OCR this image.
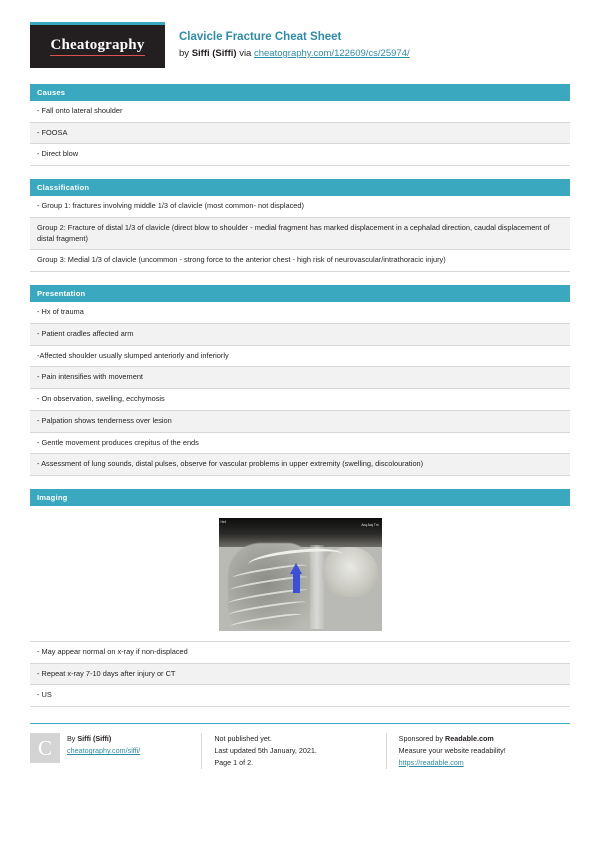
Cheatography	Clavicle Fracture Cheat Sheet
by Siffi (Siffi) via cheatography.com/122609/cs/25974/
Causes
- Fall onto lateral shoulder
- FOOSA
- Direct blow
Classification
- Group 1: fractures involving middle 1/3 of clavicle (most common- not displaced)
Group 2: Fracture of distal 1/3 of clavicle (direct blow to shoulder - medial fragment has marked displacement in a cephalad direction, caudal displacement of distal fragment)
Group 3: Medial 1/3 of clavicle (uncommon - strong force to the anterior chest - high risk of neurovascular/intrathoracic injury)
Presentation
- Hx of trauma
- Patient cradles affected arm
-Affected shoulder usually slumped anteriorly and inferiorly
- Pain intensifies with movement
- On observation, swelling, ecchymosis
- Palpation shows tenderness over lesion
- Gentle movement produces crepitus of the ends
- Assessment of lung sounds, distal pulses, observe for vascular problems in upper extremity (swelling, discolouration)
Imaging
Hx4
Acq Acq Tm
- May appear normal on x-ray if non-displaced
- Repeat x-ray 7-10 days after injury or CT
- US
C	By Siffi (Siffi)
cheatography.com/siffi/
Not published yet.
Last updated 5th January, 2021.
Page 1 of 2.
Sponsored by Readable.com
Measure your website readability!
https://readable.com
